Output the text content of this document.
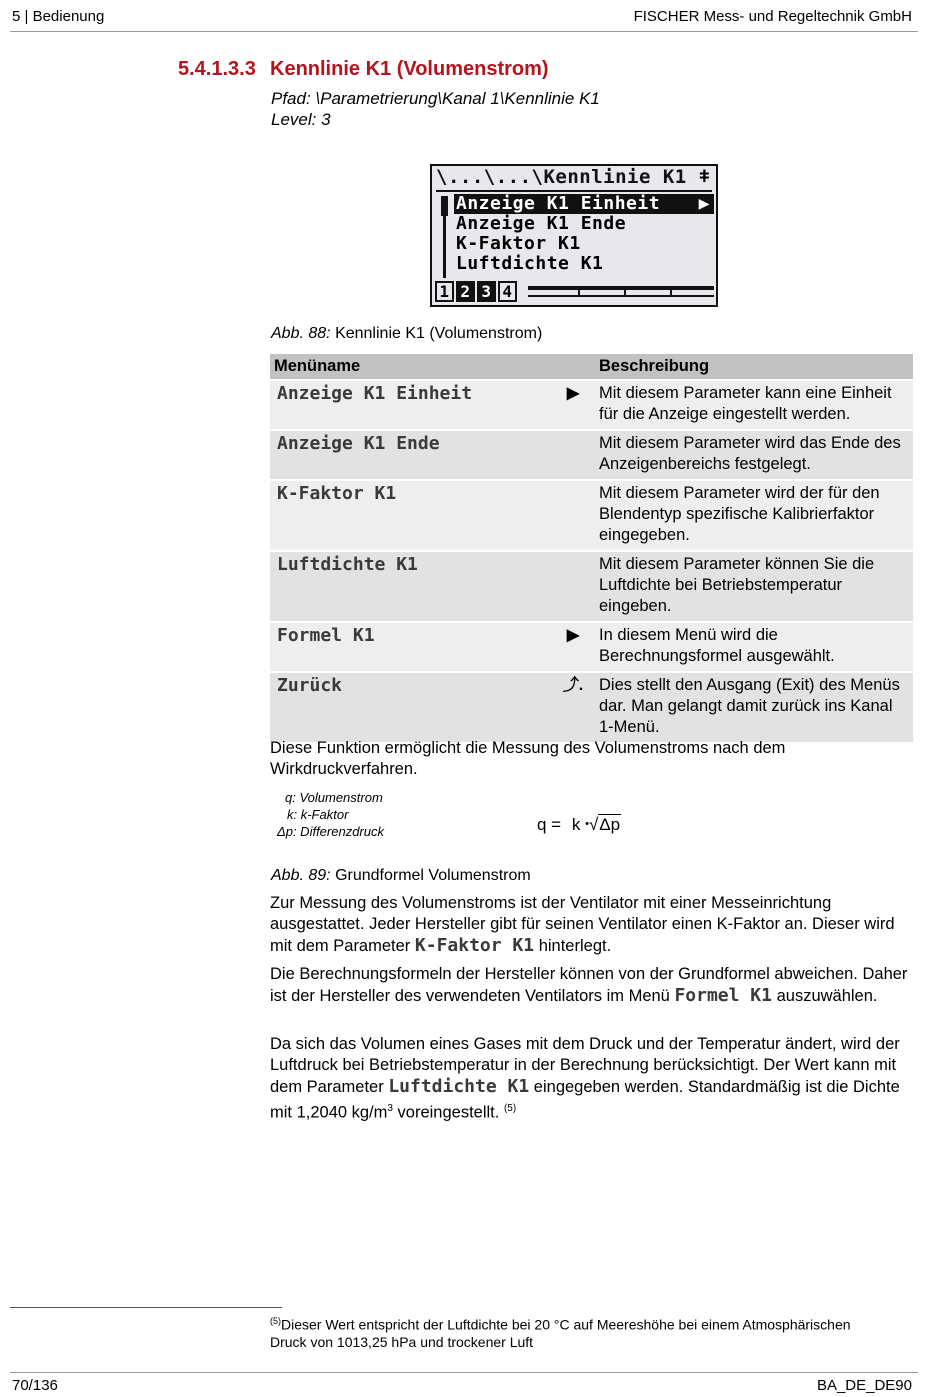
5 | Bedienung	FISCHER Mess- und Regeltechnik GmbH
5.4.1.3.3 Kennlinie K1 (Volumenstrom)
Pfad: \Parametrierung\Kanal 1\Kennlinie K1
Level: 3
\...\...\Kennlinie K1 ǂ
Anzeige K1 Einheit ▶
Anzeige K1 Ende
K-Faktor K1
Luftdichte K1
1 2 3 4
Abb. 88: Kennlinie K1 (Volumenstrom)
Menüname		Beschreibung
Anzeige K1 Einheit	▶	Mit diesem Parameter kann eine Einheit für die Anzeige eingestellt werden.
Anzeige K1 Ende		Mit diesem Parameter wird das Ende des Anzeigenbereichs festgelegt.
K-Faktor K1		Mit diesem Parameter wird der für den Blendentyp spezifische Kalibrierfaktor eingegeben.
Luftdichte K1		Mit diesem Parameter können Sie die Luftdichte bei Betriebstemperatur eingeben.
Formel K1	▶	In diesem Menü wird die Berechnungsformel ausgewählt.
Zurück	⤴.	Dies stellt den Ausgang (Exit) des Menüs dar. Man gelangt damit zurück ins Kanal 1-Menü.
Diese Funktion ermöglicht die Messung des Volumenstroms nach dem Wirkdruckverfahren.
q: Volumenstrom
k: k-Faktor
Δp: Differenzdruck	q = k •√Δp
Abb. 89: Grundformel Volumenstrom
Zur Messung des Volumenstroms ist der Ventilator mit einer Messeinrichtung ausgestattet. Jeder Hersteller gibt für seinen Ventilator einen K-Faktor an. Dieser wird mit dem Parameter K-Faktor K1 hinterlegt.
Die Berechnungsformeln der Hersteller können von der Grundformel abweichen. Daher ist der Hersteller des verwendeten Ventilators im Menü Formel K1 auszuwählen.
Da sich das Volumen eines Gases mit dem Druck und der Temperatur ändert, wird der Luftdruck bei Betriebstemperatur in der Berechnung berücksichtigt. Der Wert kann mit dem Parameter Luftdichte K1 eingegeben werden. Standardmäßig ist die Dichte mit 1,2040 $kg/m^3$ voreingestellt. $^{(5)}$
$^{(5)}$Dieser Wert entspricht der Luftdichte bei 20 °C auf Meereshöhe bei einem Atmosphärischen Druck von 1013,25 hPa und trockener Luft
70/136	BA_DE_DE90
